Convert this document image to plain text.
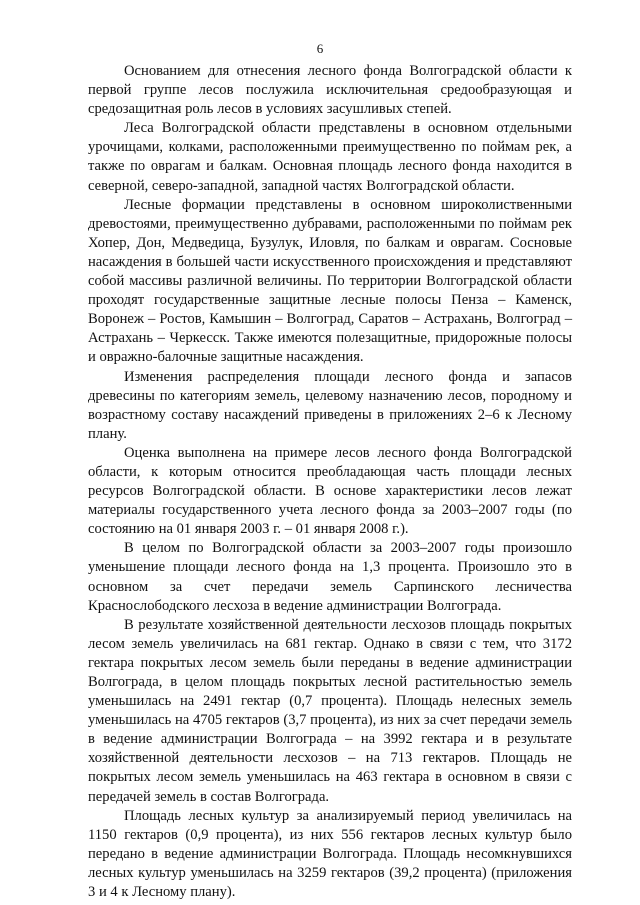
6

Основанием для отнесения лесного фонда Волгоградской области к первой группе лесов послужила исключительная средообразующая и средозащитная роль лесов в условиях засушливых степей.

Леса Волгоградской области представлены в основном отдельными урочищами, колками, расположенными преимущественно по поймам рек, а также по оврагам и балкам. Основная площадь лесного фонда находится в северной, северо-западной, западной частях Волгоградской области.

Лесные формации представлены в основном широколиственными древостоями, преимущественно дубравами, расположенными по поймам рек Хопер, Дон, Медведица, Бузулук, Иловля, по балкам и оврагам. Сосновые насаждения в большей части искусственного происхождения и представляют собой массивы различной величины. По территории Волгоградской области проходят государственные защитные лесные полосы Пенза – Каменск, Воронеж – Ростов, Камышин – Волгоград, Саратов – Астрахань, Волгоград – Астрахань – Черкесск. Также имеются полезащитные, придорожные полосы и овражно-балочные защитные насаждения.

Изменения распределения площади лесного фонда и запасов древесины по категориям земель, целевому назначению лесов, породному и возрастному составу насаждений приведены в приложениях 2–6 к Лесному плану.

Оценка выполнена на примере лесов лесного фонда Волгоградской области, к которым относится преобладающая часть площади лесных ресурсов Волгоградской области. В основе характеристики лесов лежат материалы государственного учета лесного фонда за 2003–2007 годы (по состоянию на 01 января 2003 г. – 01 января 2008 г.).

В целом по Волгоградской области за 2003–2007 годы произошло уменьшение площади лесного фонда на 1,3 процента. Произошло это в основном за счет передачи земель Сарпинского лесничества Краснослободского лесхоза в ведение администрации Волгограда.

В результате хозяйственной деятельности лесхозов площадь покрытых лесом земель увеличилась на 681 гектар. Однако в связи с тем, что 3172 гектара покрытых лесом земель были переданы в ведение администрации Волгограда, в целом площадь покрытых лесной растительностью земель уменьшилась на 2491 гектар (0,7 процента). Площадь нелесных земель уменьшилась на 4705 гектаров (3,7 процента), из них за счет передачи земель в ведение администрации Волгограда – на 3992 гектара и в результате хозяйственной деятельности лесхозов – на 713 гектаров. Площадь не покрытых лесом земель уменьшилась на 463 гектара в основном в связи с передачей земель в состав Волгограда.

Площадь лесных культур за анализируемый период увеличилась на 1150 гектаров (0,9 процента), из них 556 гектаров лесных культур было передано в ведение администрации Волгограда. Площадь несомкнувшихся лесных культур уменьшилась на 3259 гектаров (39,2 процента) (приложения 3 и 4 к Лесному плану).
